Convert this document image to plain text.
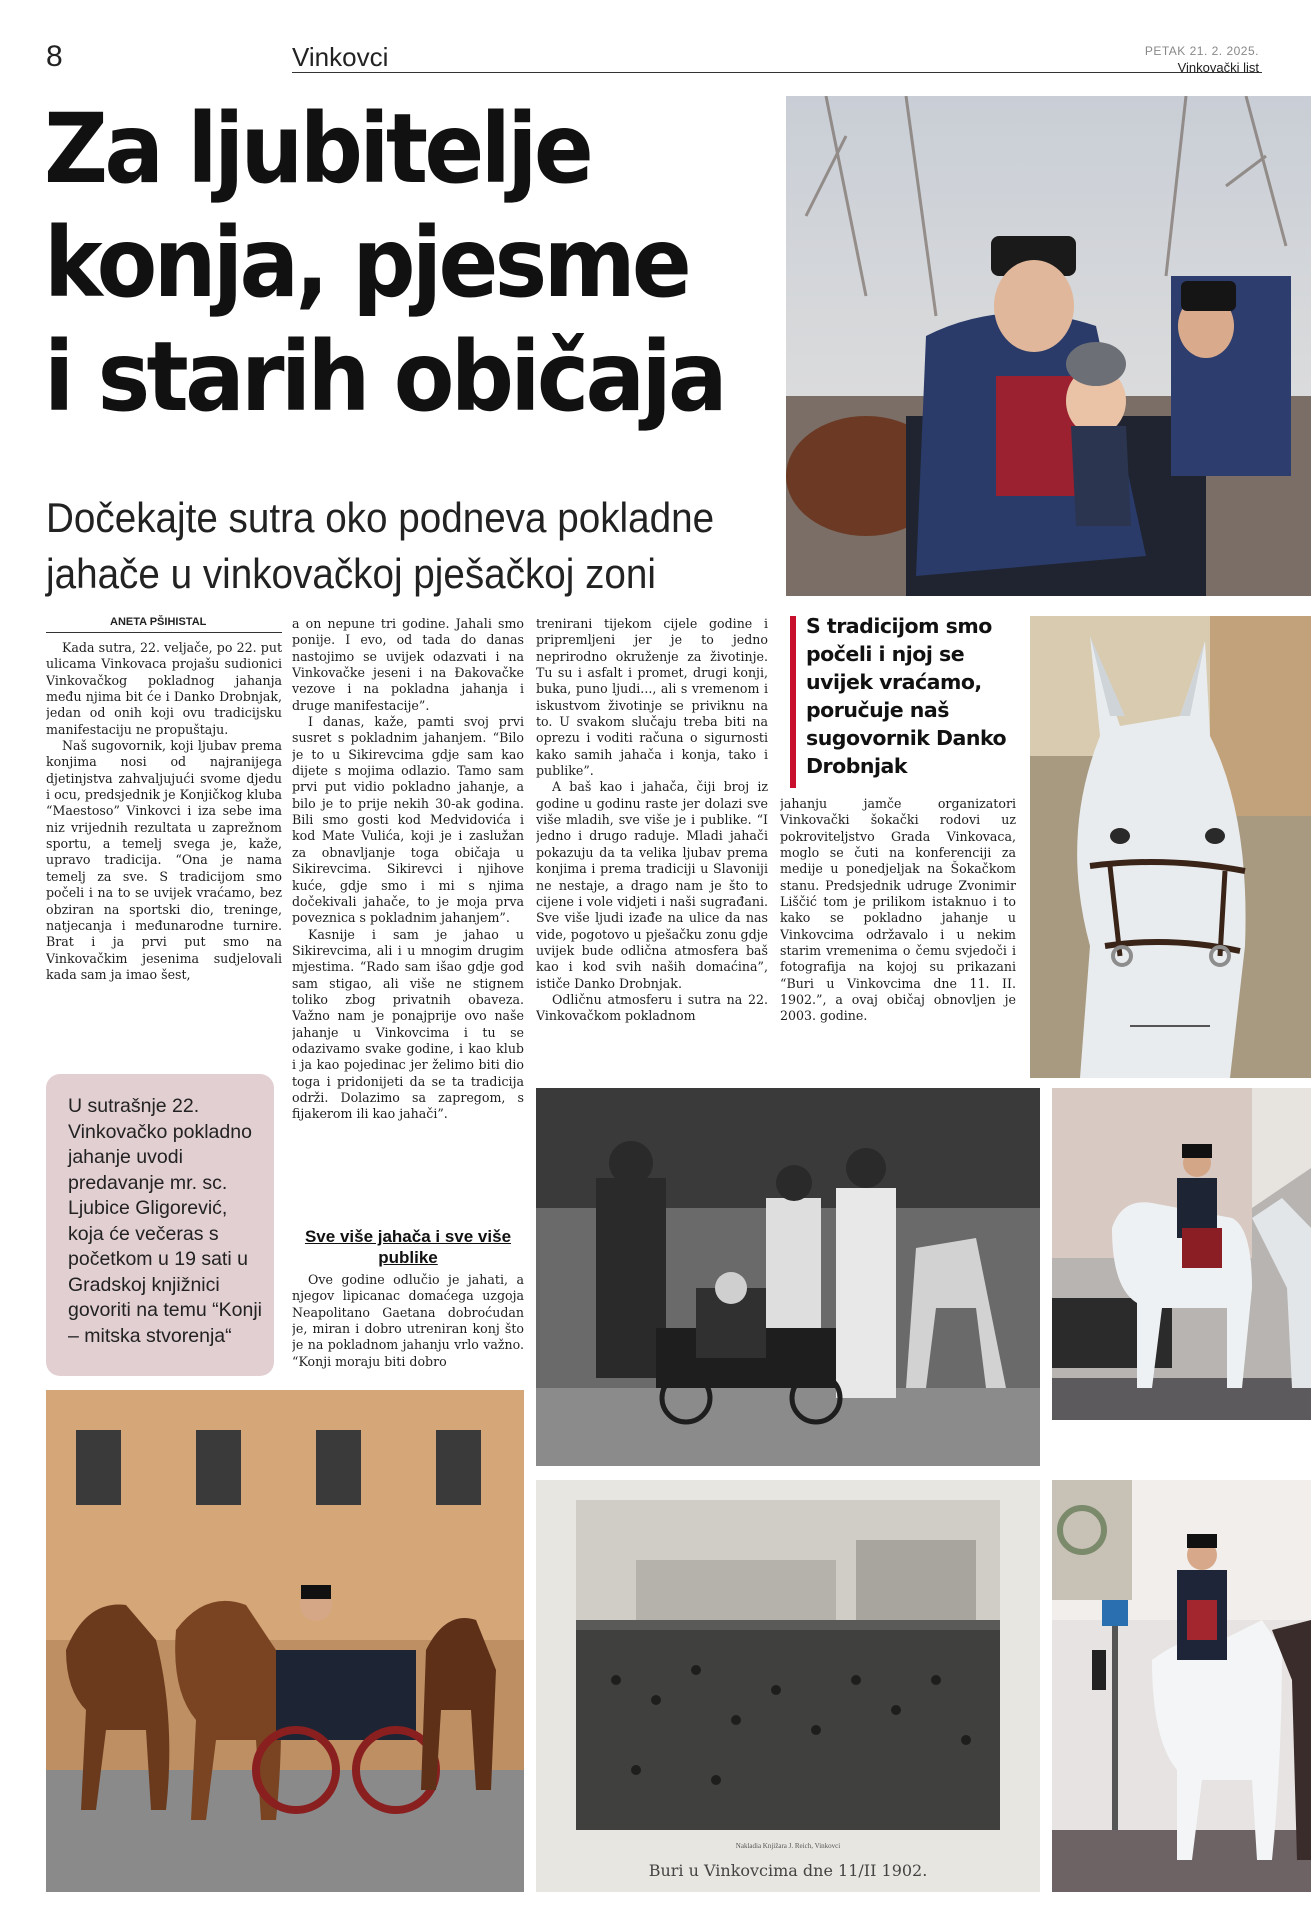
8	Vinkovci	PETAK 21. 2. 2025.
Vinkovački list
Za ljubitelje
konja, pjesme
i starih običaja
Dočekajte sutra oko podneva pokladne
jahače u vinkovačkoj pješačkoj zoni
ANETA PŠIHISTAL

Kada sutra, 22. veljače, po 22. put ulicama Vinkovaca projašu sudionici Vinkovačkog pokladnog jahanja među njima bit će i Danko Drobnjak, jedan od onih koji ovu tradicijsku manifestaciju ne propuštaju.

Naš sugovornik, koji ljubav prema konjima nosi od najranijega djetinjstva zahvaljujući svome djedu i ocu, predsjednik je Konjičkog kluba “Maestoso” Vinkovci i iza sebe ima niz vrijednih rezultata u zaprežnom sportu, a temelj svega je, kaže, upravo tradicija. “Ona je nama temelj za sve. S tradicijom smo počeli i na to se uvijek vraćamo, bez obziran na sportski dio, treninge, natjecanja i međunarodne turnire. Brat i ja prvi put smo na Vinkovačkim jesenima sudjelovali kada sam ja imao šest,

a on nepune tri godine. Jahali smo ponije. I evo, od tada do danas nastojimo se uvijek odazvati i na Vinkovačke jeseni i na Đakovačke vezove i na pokladna jahanja i druge manifestacije”.

I danas, kaže, pamti svoj prvi susret s pokladnim jahanjem. “Bilo je to u Sikirevcima gdje sam kao dijete s mojima odlazio. Tamo sam prvi put vidio pokladno jahanje, a bilo je to prije nekih 30-ak godina. Bili smo gosti kod Medvidovića i kod Mate Vulića, koji je i zaslužan za obnavljanje toga običaja u Sikirevcima. Sikirevci i njihove kuće, gdje smo i mi s njima dočekivali jahače, to je moja prva poveznica s pokladnim jahanjem”.

Kasnije i sam je jahao u Sikirevcima, ali i u mnogim drugim mjestima. “Rado sam išao gdje god sam stigao, ali više ne stignem toliko zbog privatnih obaveza. Važno nam je ponajprije ovo naše jahanje u Vinkovcima i tu se odazivamo svake godine, i kao klub i ja kao pojedinac jer želimo biti dio toga i pridonijeti da se ta tradicija održi. Dolazimo sa zapregom, s fijakerom ili kao jahači”.

Sve više jahača i sve više publike

Ove godine odlučio je jahati, a njegov lipicanac domaćega uzgoja Neapolitano Gaetana dobroćudan je, miran i dobro utreniran konj što je na pokladnom jahanju vrlo važno. “Konji moraju biti dobro

trenirani tijekom cijele godine i pripremljeni jer je to jedno neprirodno okruženje za životinje. Tu su i asfalt i promet, drugi konji, buka, puno ljudi..., ali s vremenom i iskustvom životinje se priviknu na to. U svakom slučaju treba biti na oprezu i voditi računa o sigurnosti kako samih jahača i konja, tako i publike”.

A baš kao i jahača, čiji broj iz godine u godinu raste jer dolazi sve više mladih, sve više je i publike. “I jedno i drugo raduje. Mladi jahači pokazuju da ta velika ljubav prema konjima i prema tradiciji u Slavoniji ne nestaje, a drago nam je što to cijene i vole vidjeti i naši sugrađani. Sve više ljudi izađe na ulice da nas vide, pogotovo u pješačku zonu gdje uvijek bude odlična atmosfera baš kao i kod svih naših domaćina”, ističe Danko Drobnjak.

Odličnu atmosferu i sutra na 22. Vinkovačkom pokladnom

jahanju jamče organizatori Vinkovački šokački rodovi uz pokroviteljstvo Grada Vinkovaca, moglo se čuti na konferenciji za medije u ponedjeljak na Šokačkom stanu. Predsjednik udruge Zvonimir Liščić tom je prilikom istaknuo i to kako se pokladno jahanje u Vinkovcima održavalo i u nekim starim vremenima o čemu svjedoči i fotografija na kojoj su prikazani “Buri u Vinkovcima dne 11. II. 1902.”, a ovaj običaj obnovljen je 2003. godine.

S tradicijom smo počeli i njoj se uvijek vraćamo, poručuje naš sugovornik Danko Drobnjak
U sutrašnje 22. Vinkovačko pokladno jahanje uvodi predavanje mr. sc. Ljubice Gligorević, koja će večeras s početkom u 19 sati u Gradskoj knjižnici govoriti na temu “Konji – mitska stvorenja“
Nakladia Knjižara J. Reich, Vinkovci
Buri u Vinkovcima dne 11/II 1902.
